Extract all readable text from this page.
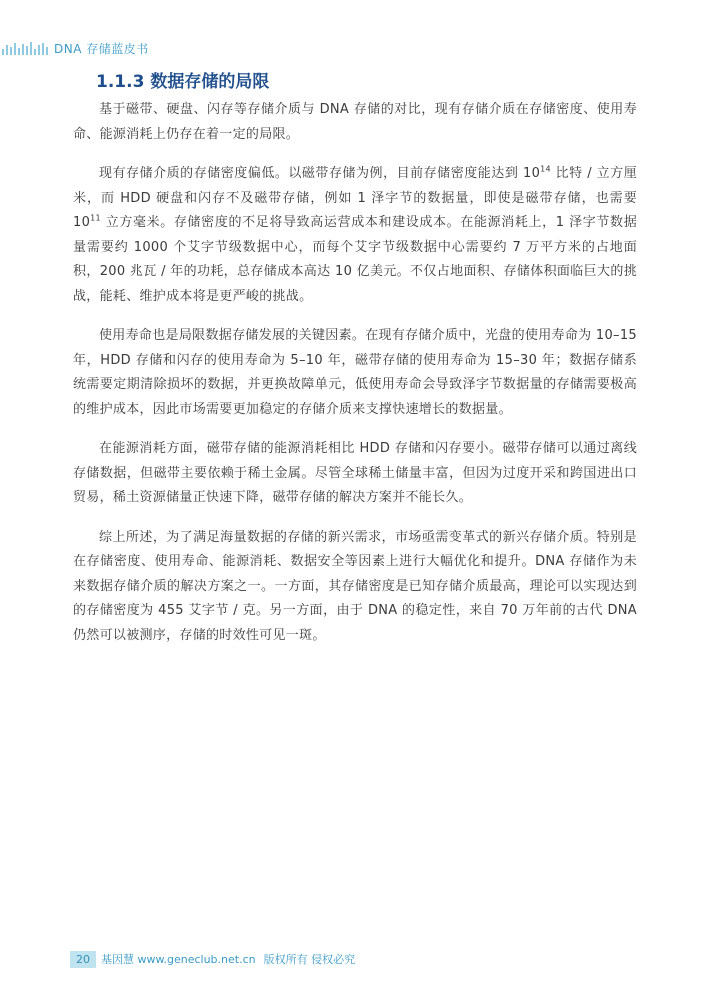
DNA 存储蓝皮书
1.1.3 数据存储的局限

基于磁带、硬盘、闪存等存储介质与 DNA 存储的对比，现有存储介质在存储密度、使用寿命、能源消耗上仍存在着一定的局限。

现有存储介质的存储密度偏低。以磁带存储为例，目前存储密度能达到 $10^{14}$ 比特 / 立方厘米，而 HDD 硬盘和闪存不及磁带存储，例如 1 泽字节的数据量，即使是磁带存储，也需要 $10^{11}$ 立方毫米。存储密度的不足将导致高运营成本和建设成本。在能源消耗上，1 泽字节数据量需要约 1000 个艾字节级数据中心，而每个艾字节级数据中心需要约 7 万平方米的占地面积，200 兆瓦 / 年的功耗，总存储成本高达 10 亿美元。不仅占地面积、存储体积面临巨大的挑战，能耗、维护成本将是更严峻的挑战。

使用寿命也是局限数据存储发展的关键因素。在现有存储介质中，光盘的使用寿命为 10–15 年，HDD 存储和闪存的使用寿命为 5–10 年，磁带存储的使用寿命为 15–30 年；数据存储系统需要定期清除损坏的数据，并更换故障单元，低使用寿命会导致泽字节数据量的存储需要极高的维护成本，因此市场需要更加稳定的存储介质来支撑快速增长的数据量。

在能源消耗方面，磁带存储的能源消耗相比 HDD 存储和闪存要小。磁带存储可以通过离线存储数据，但磁带主要依赖于稀土金属。尽管全球稀土储量丰富，但因为过度开采和跨国进出口贸易，稀土资源储量正快速下降，磁带存储的解决方案并不能长久。

综上所述，为了满足海量数据的存储的新兴需求，市场亟需变革式的新兴存储介质。特别是在存储密度、使用寿命、能源消耗、数据安全等因素上进行大幅优化和提升。DNA 存储作为未来数据存储介质的解决方案之一。一方面，其存储密度是已知存储介质最高，理论可以实现达到的存储密度为 455 艾字节 / 克。另一方面，由于 DNA 的稳定性，来自 70 万年前的古代 DNA 仍然可以被测序，存储的时效性可见一斑。

20	基因慧 www.geneclub.net.cn 版权所有 侵权必究
